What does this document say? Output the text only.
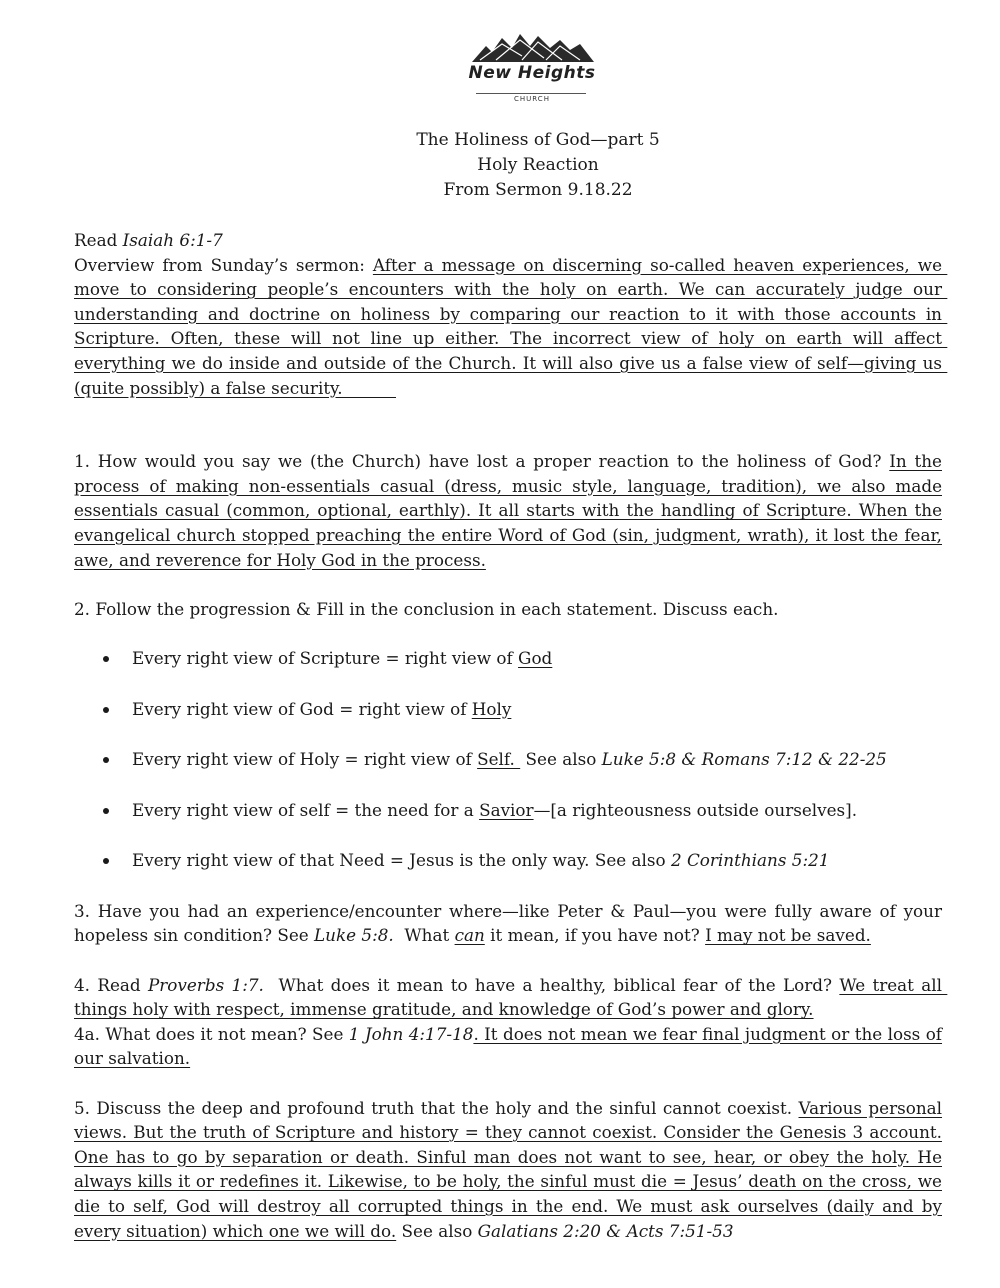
New Heights
CHURCH
The Holiness of God—part 5
Holy Reaction
From Sermon 9.18.22

Read Isaiah 6:1-7

Overview from Sunday’s sermon: After a message on discerning so-called heaven experiences, we move to considering people’s encounters with the holy on earth. We can accurately judge our understanding and doctrine on holiness by comparing our reaction to it with those accounts in Scripture. Often, these will not line up either. The incorrect view of holy on earth will affect everything we do inside and outside of the Church. It will also give us a false view of self—giving us (quite possibly) a false security.

1. How would you say we (the Church) have lost a proper reaction to the holiness of God? In the process of making non-essentials casual (dress, music style, language, tradition), we also made essentials casual (common, optional, earthly). It all starts with the handling of Scripture. When the evangelical church stopped preaching the entire Word of God (sin, judgment, wrath), it lost the fear, awe, and reverence for Holy God in the process.

2. Follow the progression & Fill in the conclusion in each statement. Discuss each.

Every right view of Scripture = right view of God
Every right view of God = right view of Holy
Every right view of Holy = right view of Self.  See also Luke 5:8 & Romans 7:12 & 22-25
Every right view of self = the need for a Savior—[a righteousness outside ourselves].
Every right view of that Need = Jesus is the only way. See also 2 Corinthians 5:21

3. Have you had an experience/encounter where—like Peter & Paul—you were fully aware of your hopeless sin condition? See Luke 5:8.  What can it mean, if you have not? I may not be saved.

4. Read Proverbs 1:7.  What does it mean to have a healthy, biblical fear of the Lord? We treat all things holy with respect, immense gratitude, and knowledge of God’s power and glory.

4a. What does it not mean? See 1 John 4:17-18. It does not mean we fear final judgment or the loss of our salvation.

5. Discuss the deep and profound truth that the holy and the sinful cannot coexist. Various personal views. But the truth of Scripture and history = they cannot coexist. Consider the Genesis 3 account. One has to go by separation or death. Sinful man does not want to see, hear, or obey the holy. He always kills it or redefines it. Likewise, to be holy, the sinful must die = Jesus’ death on the cross, we die to self, God will destroy all corrupted things in the end. We must ask ourselves (daily and by every situation) which one we will do. See also Galatians 2:20 & Acts 7:51-53
